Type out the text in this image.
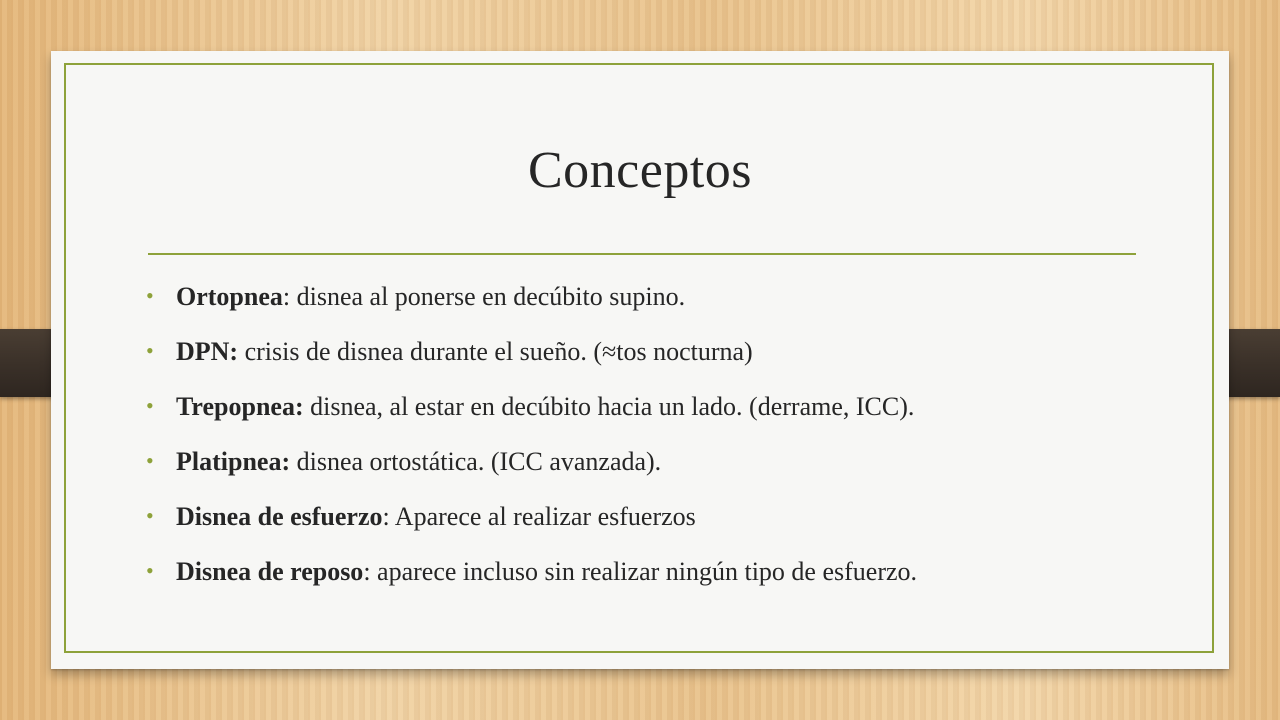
Conceptos
• Ortopnea: disnea al ponerse en decúbito supino.
• DPN: crisis de disnea durante el sueño. (≈tos nocturna)
• Trepopnea: disnea, al estar en decúbito hacia un lado. (derrame, ICC).
• Platipnea: disnea ortostática. (ICC avanzada).
• Disnea de esfuerzo: Aparece al realizar esfuerzos
• Disnea de reposo: aparece incluso sin realizar ningún tipo de esfuerzo.
